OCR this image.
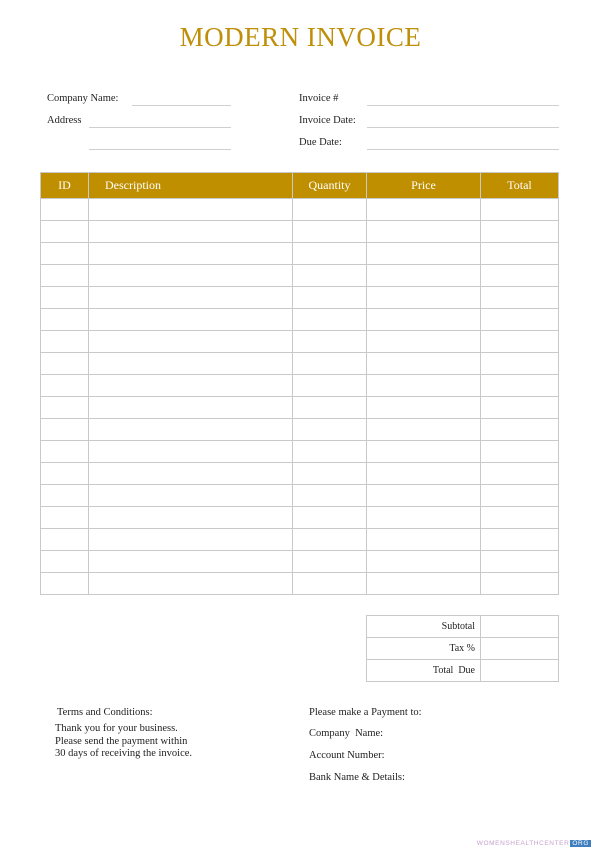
MODERN INVOICE
Company Name:
Address
Invoice #
Invoice Date:
Due Date:
ID	Description	Quantity	Price	Total

Subtotal	
Tax %	
Total  Due	
Terms and Conditions:
Thank you for your business.
Please send the payment within
30 days of receiving the invoice.
Please make a Payment to:
Company  Name:
Account Number:
Bank Name & Details:
WOMENSHEALTHCENTER ORG
